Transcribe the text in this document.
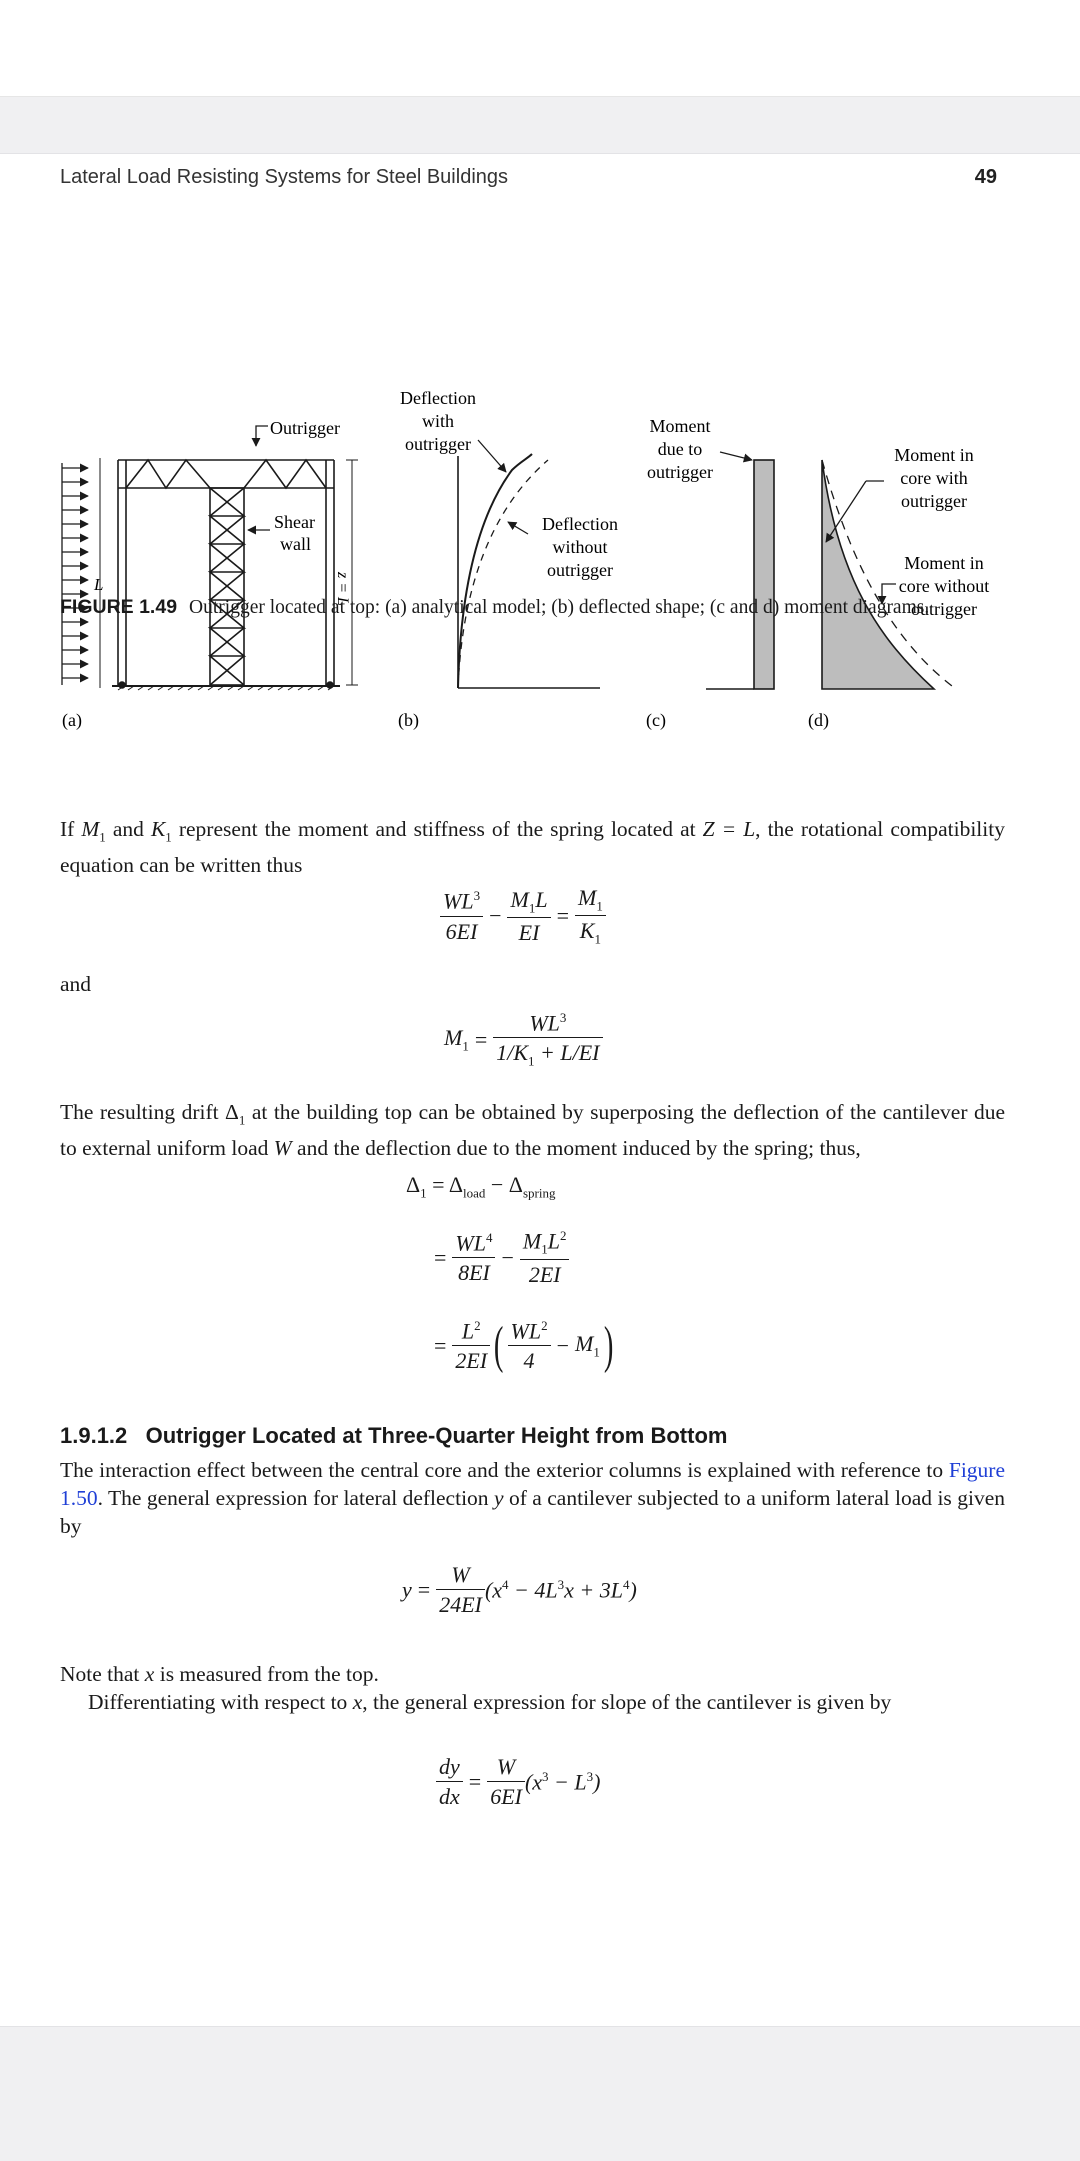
Lateral Load Resisting Systems for Steel Buildings	49
Outrigger
Shear
wall
L	z = L
Deflection
with
outrigger
Deflection
without
outrigger
Moment
due to
outrigger
Moment in
core with
outrigger
Moment in
core without
outrigger
(a)	(b)	(c)	(d)
FIGURE 1.49 Outrigger located at top: (a) analytical model; (b) deflected shape; (c and d) moment diagrams.
If $M_1$ and $K_1$ represent the moment and stiffness of the spring located at Z = L, the rotational compatibility equation can be written thus
$\frac{WL^3}{6EI} - \frac{M_1L}{EI} = \frac{M_1}{K_1}$
and
$M_1 = \frac{WL^3}{1/K_1 + L/EI}$
The resulting drift $\Delta_1$ at the building top can be obtained by superposing the deflection of the cantilever due to external uniform load W and the deflection due to the moment induced by the spring; thus,
$\Delta_1 = \Delta_{load} - \Delta_{spring}$
= $\frac{WL^4}{8EI} - \frac{M_1L^2}{2EI}$
= $\frac{L^2}{2EI}$ ( $\frac{WL^2}{4} - M_1$)
1.9.1.2 Outrigger Located at Three-Quarter Height from Bottom
The interaction effect between the central core and the exterior columns is explained with reference to Figure 1.50. The general expression for lateral deflection y of a cantilever subjected to a uniform lateral load is given by
$y = \frac{W}{24EI} (x^4 - 4L^3x + 3L^4)$
Note that x is measured from the top.
Differentiating with respect to x, the general expression for slope of the cantilever is given by
$\frac{dy}{dx} = \frac{W}{6EI} (x^3 - L^3)$
